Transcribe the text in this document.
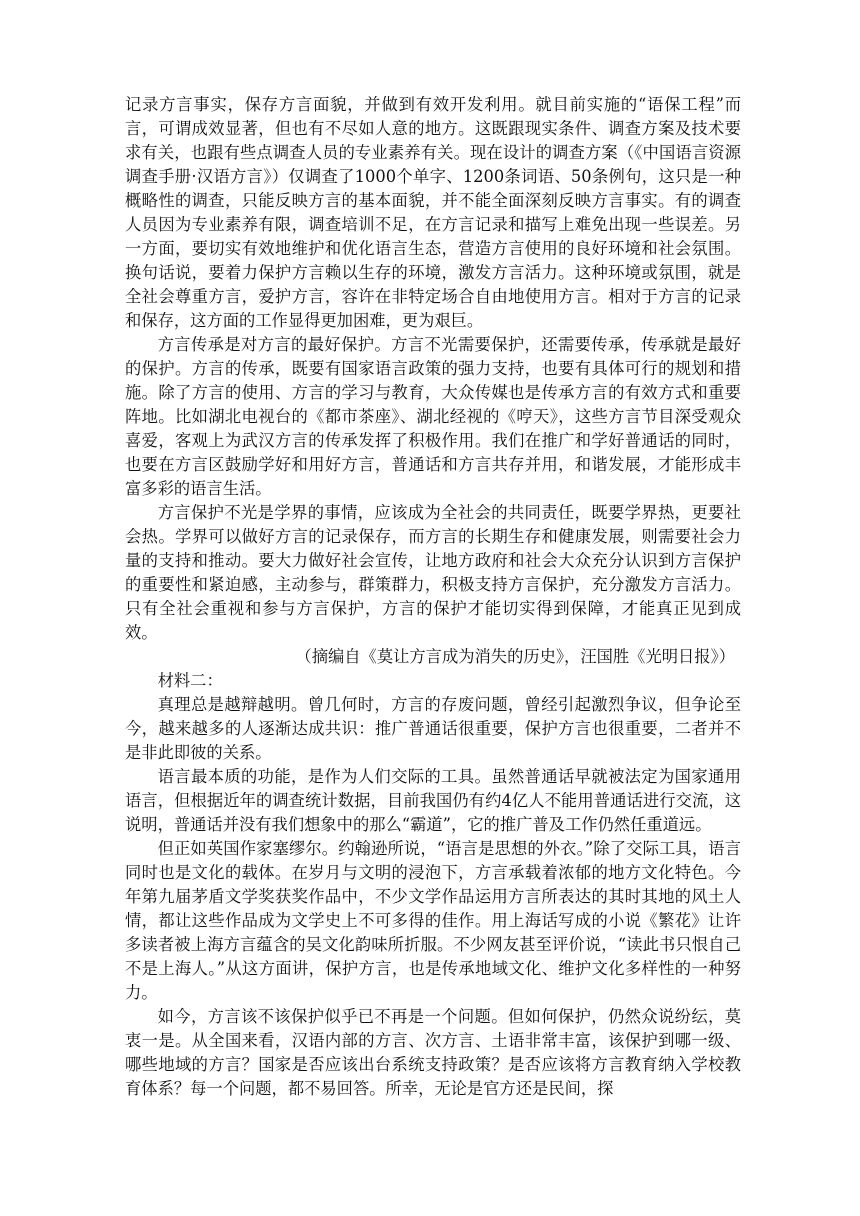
记录方言事实，保存方言面貌，并做到有效开发利用。就目前实施的“语保工程”而言，可谓成效显著，但也有不尽如人意的地方。这既跟现实条件、调查方案及技术要求有关，也跟有些点调查人员的专业素养有关。现在设计的调查方案（《中国语言资源调查手册·汉语方言》）仅调查了1000个单字、1200条词语、50条例句，这只是一种概略性的调查，只能反映方言的基本面貌，并不能全面深刻反映方言事实。有的调查人员因为专业素养有限，调查培训不足，在方言记录和描写上难免出现一些误差。另一方面，要切实有效地维护和优化语言生态，营造方言使用的良好环境和社会氛围。换句话说，要着力保护方言赖以生存的环境，激发方言活力。这种环境或氛围，就是全社会尊重方言，爱护方言，容许在非特定场合自由地使用方言。相对于方言的记录和保存，这方面的工作显得更加困难，更为艰巨。

方言传承是对方言的最好保护。方言不光需要保护，还需要传承，传承就是最好的保护。方言的传承，既要有国家语言政策的强力支持，也要有具体可行的规划和措施。除了方言的使用、方言的学习与教育，大众传媒也是传承方言的有效方式和重要阵地。比如湖北电视台的《都市茶座》、湖北经视的《哼天》，这些方言节目深受观众喜爱，客观上为武汉方言的传承发挥了积极作用。我们在推广和学好普通话的同时，也要在方言区鼓励学好和用好方言，普通话和方言共存并用，和谐发展，才能形成丰富多彩的语言生活。

方言保护不光是学界的事情，应该成为全社会的共同责任，既要学界热，更要社会热。学界可以做好方言的记录保存，而方言的长期生存和健康发展，则需要社会力量的支持和推动。要大力做好社会宣传，让地方政府和社会大众充分认识到方言保护的重要性和紧迫感，主动参与，群策群力，积极支持方言保护，充分激发方言活力。只有全社会重视和参与方言保护，方言的保护才能切实得到保障，才能真正见到成效。

（摘编自《莫让方言成为消失的历史》，汪国胜《光明日报》）

材料二：

真理总是越辩越明。曾几何时，方言的存废问题，曾经引起激烈争议，但争论至今，越来越多的人逐渐达成共识：推广普通话很重要，保护方言也很重要，二者并不是非此即彼的关系。

语言最本质的功能，是作为人们交际的工具。虽然普通话早就被法定为国家通用语言，但根据近年的调查统计数据，目前我国仍有约4亿人不能用普通话进行交流，这说明，普通话并没有我们想象中的那么“霸道”，它的推广普及工作仍然任重道远。

但正如英国作家塞缪尔。约翰逊所说，“语言是思想的外衣。”除了交际工具，语言同时也是文化的载体。在岁月与文明的浸泡下，方言承载着浓郁的地方文化特色。今年第九届茅盾文学奖获奖作品中，不少文学作品运用方言所表达的其时其地的风土人情，都让这些作品成为文学史上不可多得的佳作。用上海话写成的小说《繁花》让许多读者被上海方言蕴含的吴文化韵味所折服。不少网友甚至评价说，“读此书只恨自己不是上海人。”从这方面讲，保护方言，也是传承地域文化、维护文化多样性的一种努力。

如今，方言该不该保护似乎已不再是一个问题。但如何保护，仍然众说纷纭，莫衷一是。从全国来看，汉语内部的方言、次方言、土语非常丰富，该保护到哪一级、哪些地域的方言？国家是否应该出台系统支持政策？是否应该将方言教育纳入学校教育体系？每一个问题，都不易回答。所幸，无论是官方还是民间，探
